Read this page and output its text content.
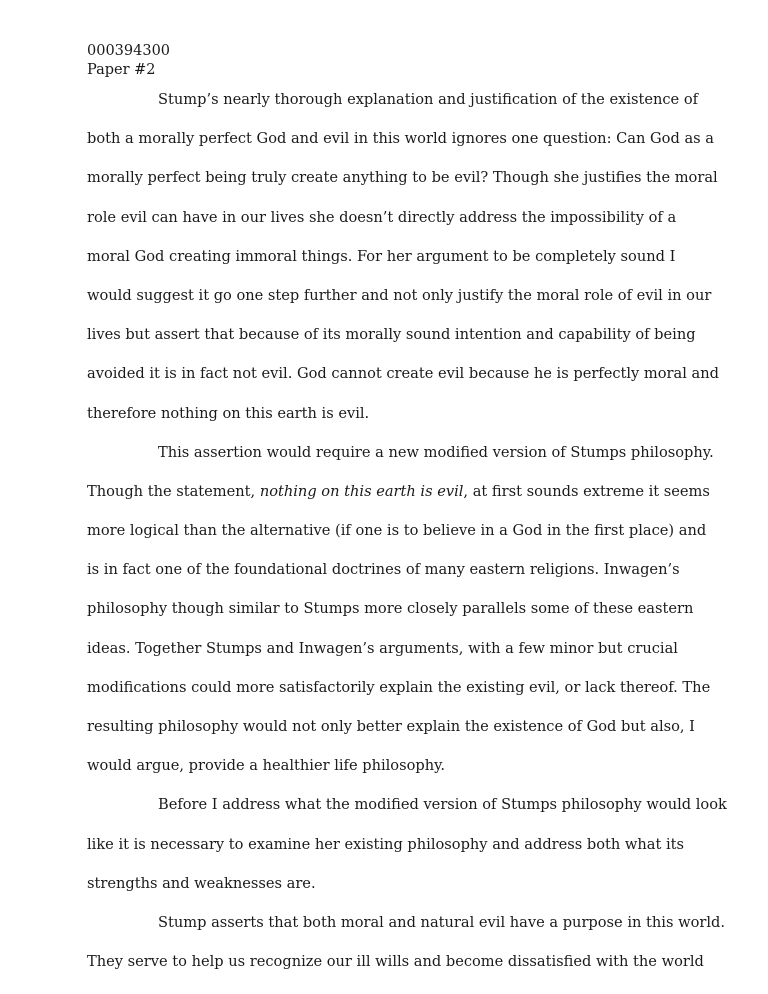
000394300
Paper #2
Stump’s nearly thorough explanation and justification of the existence of
both a morally perfect God and evil in this world ignores one question: Can God as a
morally perfect being truly create anything to be evil? Though she justifies the moral
role evil can have in our lives she doesn’t directly address the impossibility of a
moral God creating immoral things. For her argument to be completely sound I
would suggest it go one step further and not only justify the moral role of evil in our
lives but assert that because of its morally sound intention and capability of being
avoided it is in fact not evil. God cannot create evil because he is perfectly moral and
therefore nothing on this earth is evil.
This assertion would require a new modified version of Stumps philosophy.
Though the statement, nothing on this earth is evil, at first sounds extreme it seems
more logical than the alternative (if one is to believe in a God in the first place) and
is in fact one of the foundational doctrines of many eastern religions. Inwagen’s
philosophy though similar to Stumps more closely parallels some of these eastern
ideas. Together Stumps and Inwagen’s arguments, with a few minor but crucial
modifications could more satisfactorily explain the existing evil, or lack thereof. The
resulting philosophy would not only better explain the existence of God but also, I
would argue, provide a healthier life philosophy.
Before I address what the modified version of Stumps philosophy would look
like it is necessary to examine her existing philosophy and address both what its
strengths and weaknesses are.
Stump asserts that both moral and natural evil have a purpose in this world.
They serve to help us recognize our ill wills and become dissatisfied with the world
